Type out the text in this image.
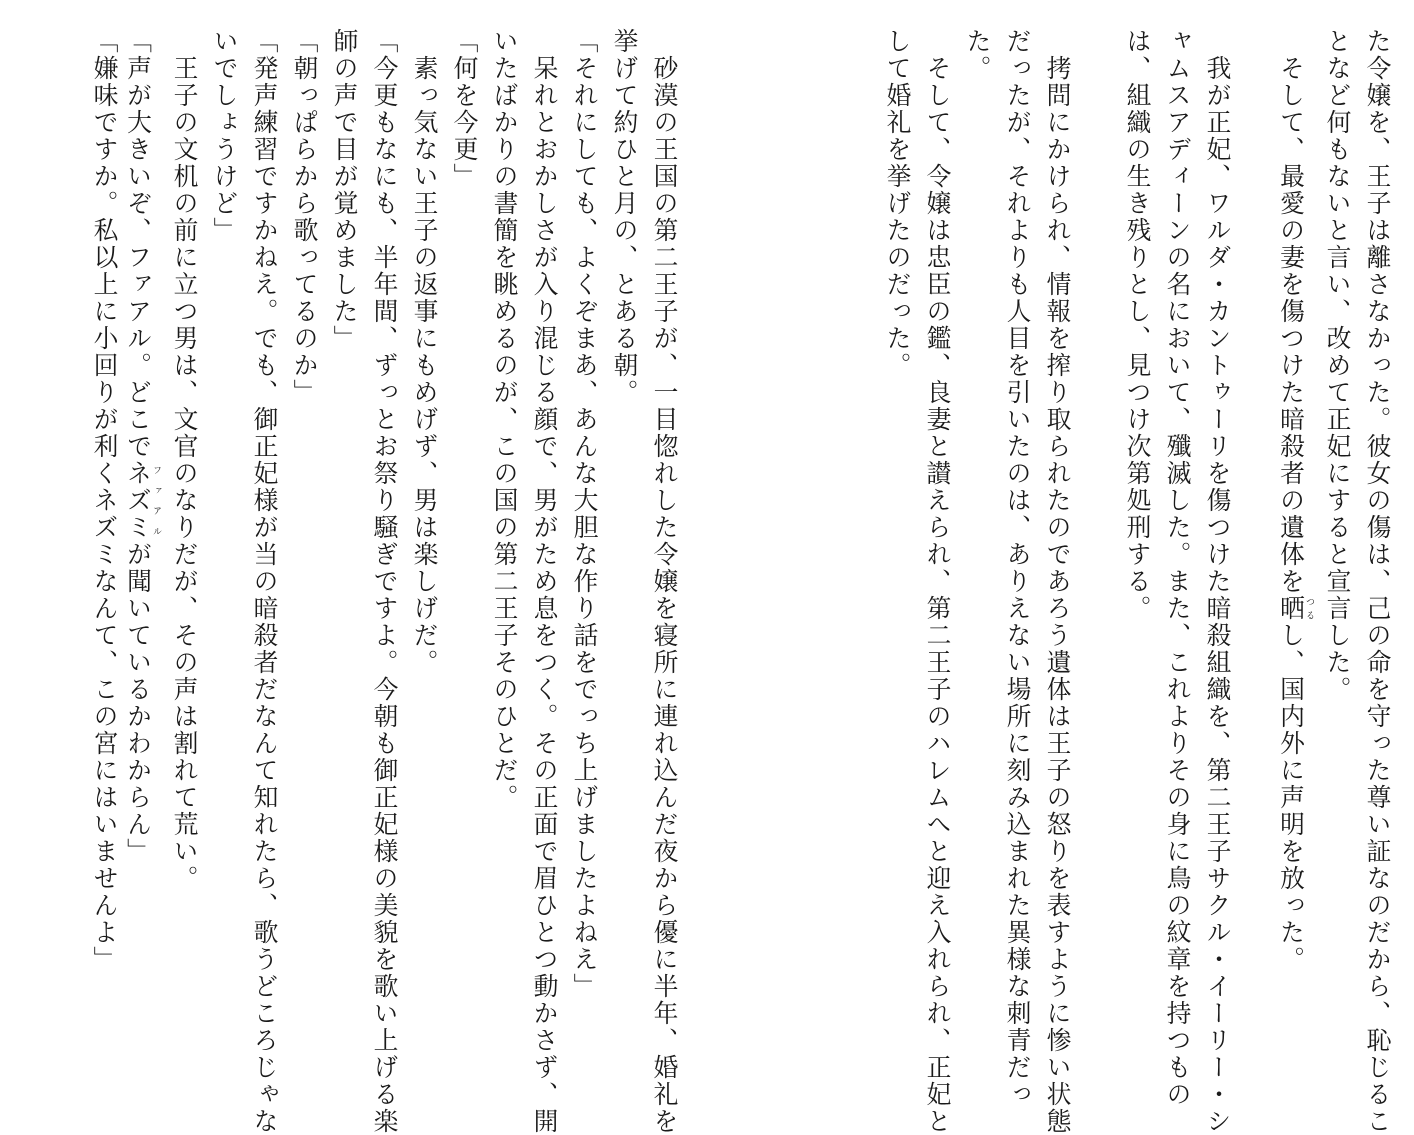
た令嬢を、王子は離さなかった。彼女の傷は、己の命を守った尊い証なのだから、恥じるこ
となど何もないと言い、改めて正妃にすると宣言した。
　そして、最愛の妻を傷つけた暗殺者の遺体を晒つるし、国内外に声明を放った。
　我が正妃、ワルダ・カントゥーリを傷つけた暗殺組織を、第二王子サクル・イーリー・シ
ャムスアディーンの名において、殲滅した。また、これよりその身に鳥の紋章を持つもの
は、組織の生き残りとし、見つけ次第処刑する。
　拷問にかけられ、情報を搾り取られたのであろう遺体は王子の怒りを表すように惨い状態
だったが、それよりも人目を引いたのは、ありえない場所に刻み込まれた異様な刺青だっ
た。
　そして、令嬢は忠臣の鑑、良妻と讃えられ、第二王子のハレムへと迎え入れられ、正妃と
して婚礼を挙げたのだった。
　砂漠の王国の第二王子が、一目惚れした令嬢を寝所に連れ込んだ夜から優に半年、婚礼を
挙げて約ひと月の、とある朝。
「それにしても、よくぞまあ、あんな大胆な作り話をでっち上げましたよねえ」
　呆れとおかしさが入り混じる顔で、男がため息をつく。その正面で眉ひとつ動かさず、開
いたばかりの書簡を眺めるのが、この国の第二王子そのひとだ。
「何を今更」
　素っ気ない王子の返事にもめげず、男は楽しげだ。
「今更もなにも、半年間、ずっとお祭り騒ぎですよ。今朝も御正妃様の美貌を歌い上げる楽
師の声で目が覚めました」
「朝っぱらから歌ってるのか」
「発声練習ですかねえ。でも、御正妃様が当の暗殺者だなんて知れたら、歌うどころじゃな
いでしょうけど」
　王子の文机の前に立つ男は、文官のなりだが、その声は割れて荒い。
「声が大きいぞ、ファアル。どこでネズミファアルが聞いているかわからん」
「嫌味ですか。私以上に小回りが利くネズミなんて、この宮にはいませんよ」
